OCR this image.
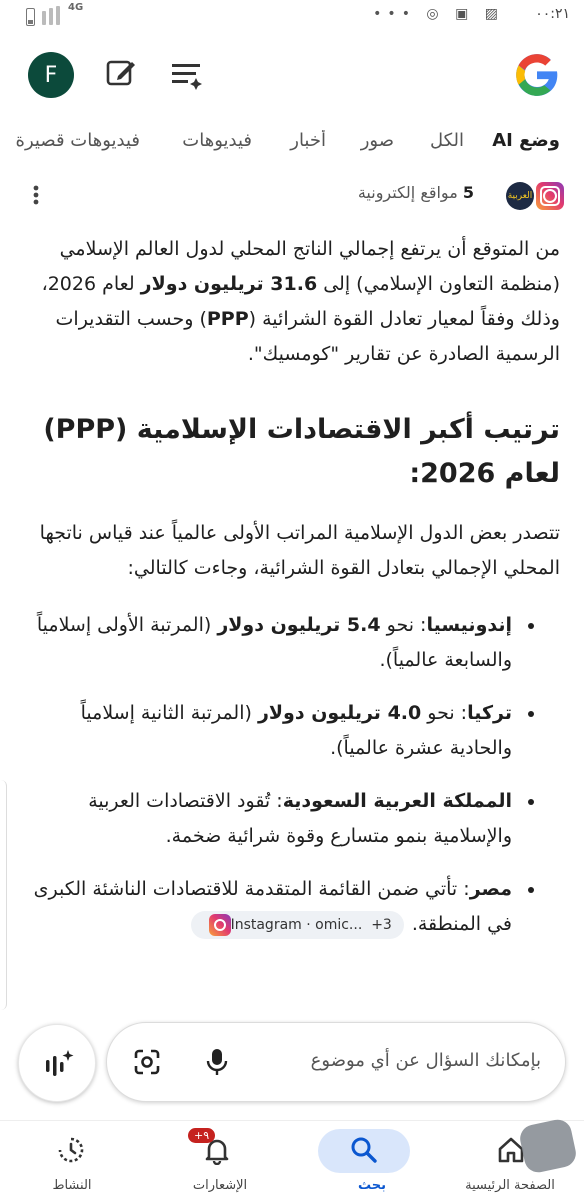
4G	••• ◎ ▣ ▨ ٠٠:٢١
F
وضع AI
الكل
صور
أخبار
فيديوهات
فيديوهات قصيرة
العربية
5 مواقع إلكترونية

من المتوقع أن يرتفع إجمالي الناتج المحلي لدول العالم الإسلامي (منظمة التعاون الإسلامي) إلى 31.6 تريليون دولار لعام 2026، وذلك وفقاً لمعيار تعادل القوة الشرائية (PPP) وحسب التقديرات الرسمية الصادرة عن تقارير "كومسيك".

ترتيب أكبر الاقتصادات الإسلامية (PPP) لعام 2026:

تتصدر بعض الدول الإسلامية المراتب الأولى عالمياً عند قياس ناتجها المحلي الإجمالي بتعادل القوة الشرائية، وجاءت كالتالي:

• إندونيسيا: نحو 5.4 تريليون دولار (المرتبة الأولى إسلامياً والسابعة عالمياً).
• تركيا: نحو 4.0 تريليون دولار (المرتبة الثانية إسلامياً والحادية عشرة عالمياً).
• المملكة العربية السعودية: تُقود الاقتصادات العربية والإسلامية بنمو متسارع وقوة شرائية ضخمة.
• مصر: تأتي ضمن القائمة المتقدمة للاقتصادات الناشئة الكبرى في المنطقة.
Instagram · omic...
+3
بإمكانك السؤال عن أي موضوع
الصفحة الرئيسية
بحث
الإشعارات
النشاط
+٩
